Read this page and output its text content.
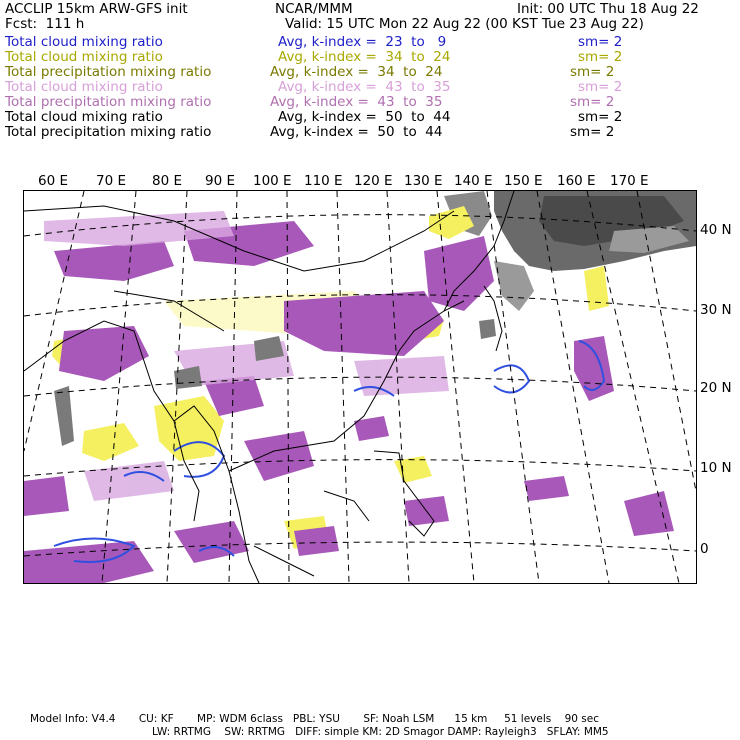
ACCLIP 15km ARW-GFS init	NCAR/MMM	Init: 00 UTC Thu 18 Aug 22
Fcst:  111 h	Valid: 15 UTC Mon 22 Aug 22 (00 KST Tue 23 Aug 22)
Total cloud mixing ratio	Avg, k-index =  23  to   9	sm= 2
Total cloud mixing ratio	Avg, k-index =  34  to  24	sm= 2
Total precipitation mixing ratio	Avg, k-index =  34  to  24	sm= 2
Total cloud mixing ratio	Avg, k-index =  43  to  35	sm= 2
Total precipitation mixing ratio	Avg, k-index =  43  to  35	sm= 2
Total cloud mixing ratio	Avg, k-index =  50  to  44	sm= 2
Total precipitation mixing ratio	Avg, k-index =  50  to  44	sm= 2
60 E 70 E 80 E 90 E 100 E 110 E 120 E 130 E 140 E 150 E 160 E 170 E
40 N
30 N
20 N
10 N
0
Model Info: V4.4       CU: KF       MP: WDM 6class   PBL: YSU       SF: Noah LSM      15 km     51 levels    90 sec
LW: RRTMG    SW: RRTMG   DIFF: simple KM: 2D Smagor DAMP: Rayleigh3   SFLAY: MM5
